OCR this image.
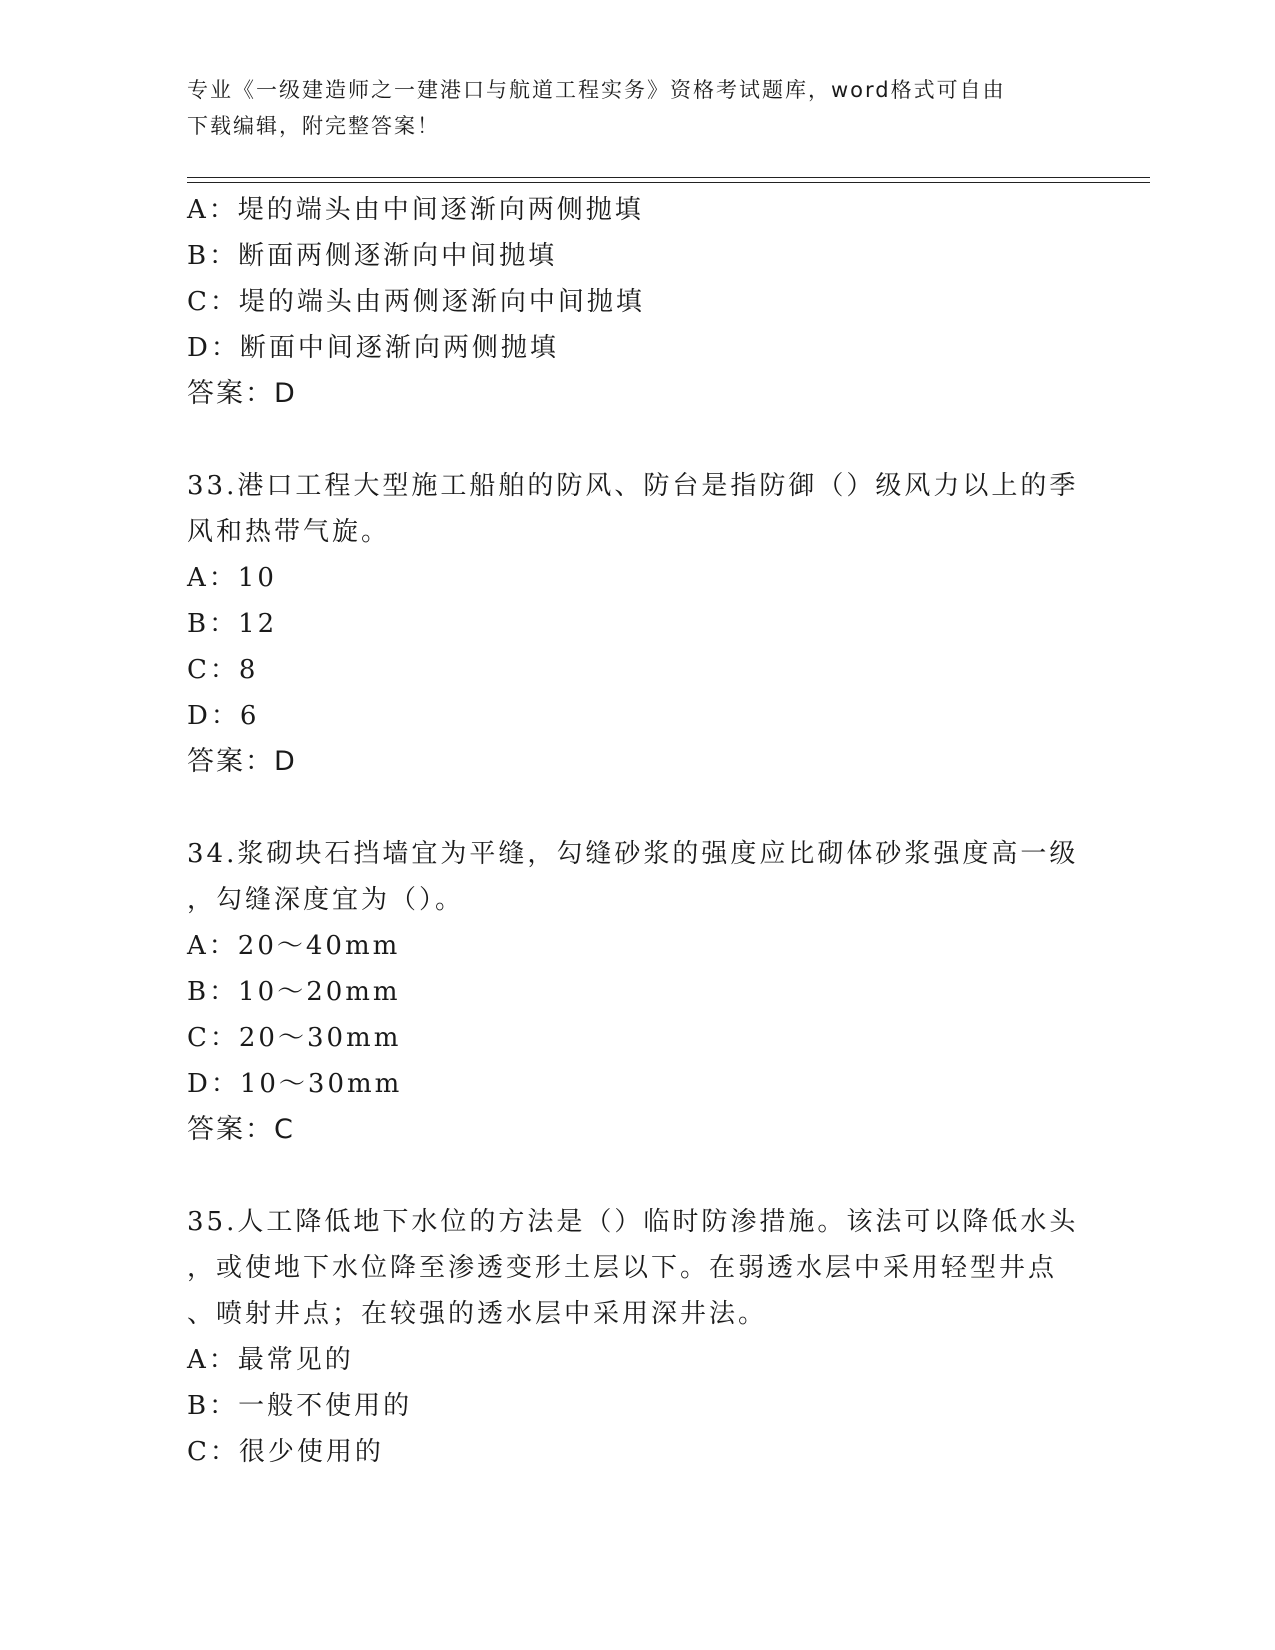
专业《一级建造师之一建港口与航道工程实务》资格考试题库，word格式可自由
下载编辑，附完整答案！
A：堤的端头由中间逐渐向两侧抛填
B：断面两侧逐渐向中间抛填
C：堤的端头由两侧逐渐向中间抛填
D：断面中间逐渐向两侧抛填
答案：D
33.港口工程大型施工船舶的防风、防台是指防御（）级风力以上的季
风和热带气旋。
A：10
B：12
C：8
D：6
答案：D
34.浆砌块石挡墙宜为平缝，勾缝砂浆的强度应比砌体砂浆强度高一级
，勾缝深度宜为（）。
A：20～40mm
B：10～20mm
C：20～30mm
D：10～30mm
答案：C
35.人工降低地下水位的方法是（）临时防渗措施。该法可以降低水头
，或使地下水位降至渗透变形土层以下。在弱透水层中采用轻型井点
、喷射井点；在较强的透水层中采用深井法。
A：最常见的
B：一般不使用的
C：很少使用的
